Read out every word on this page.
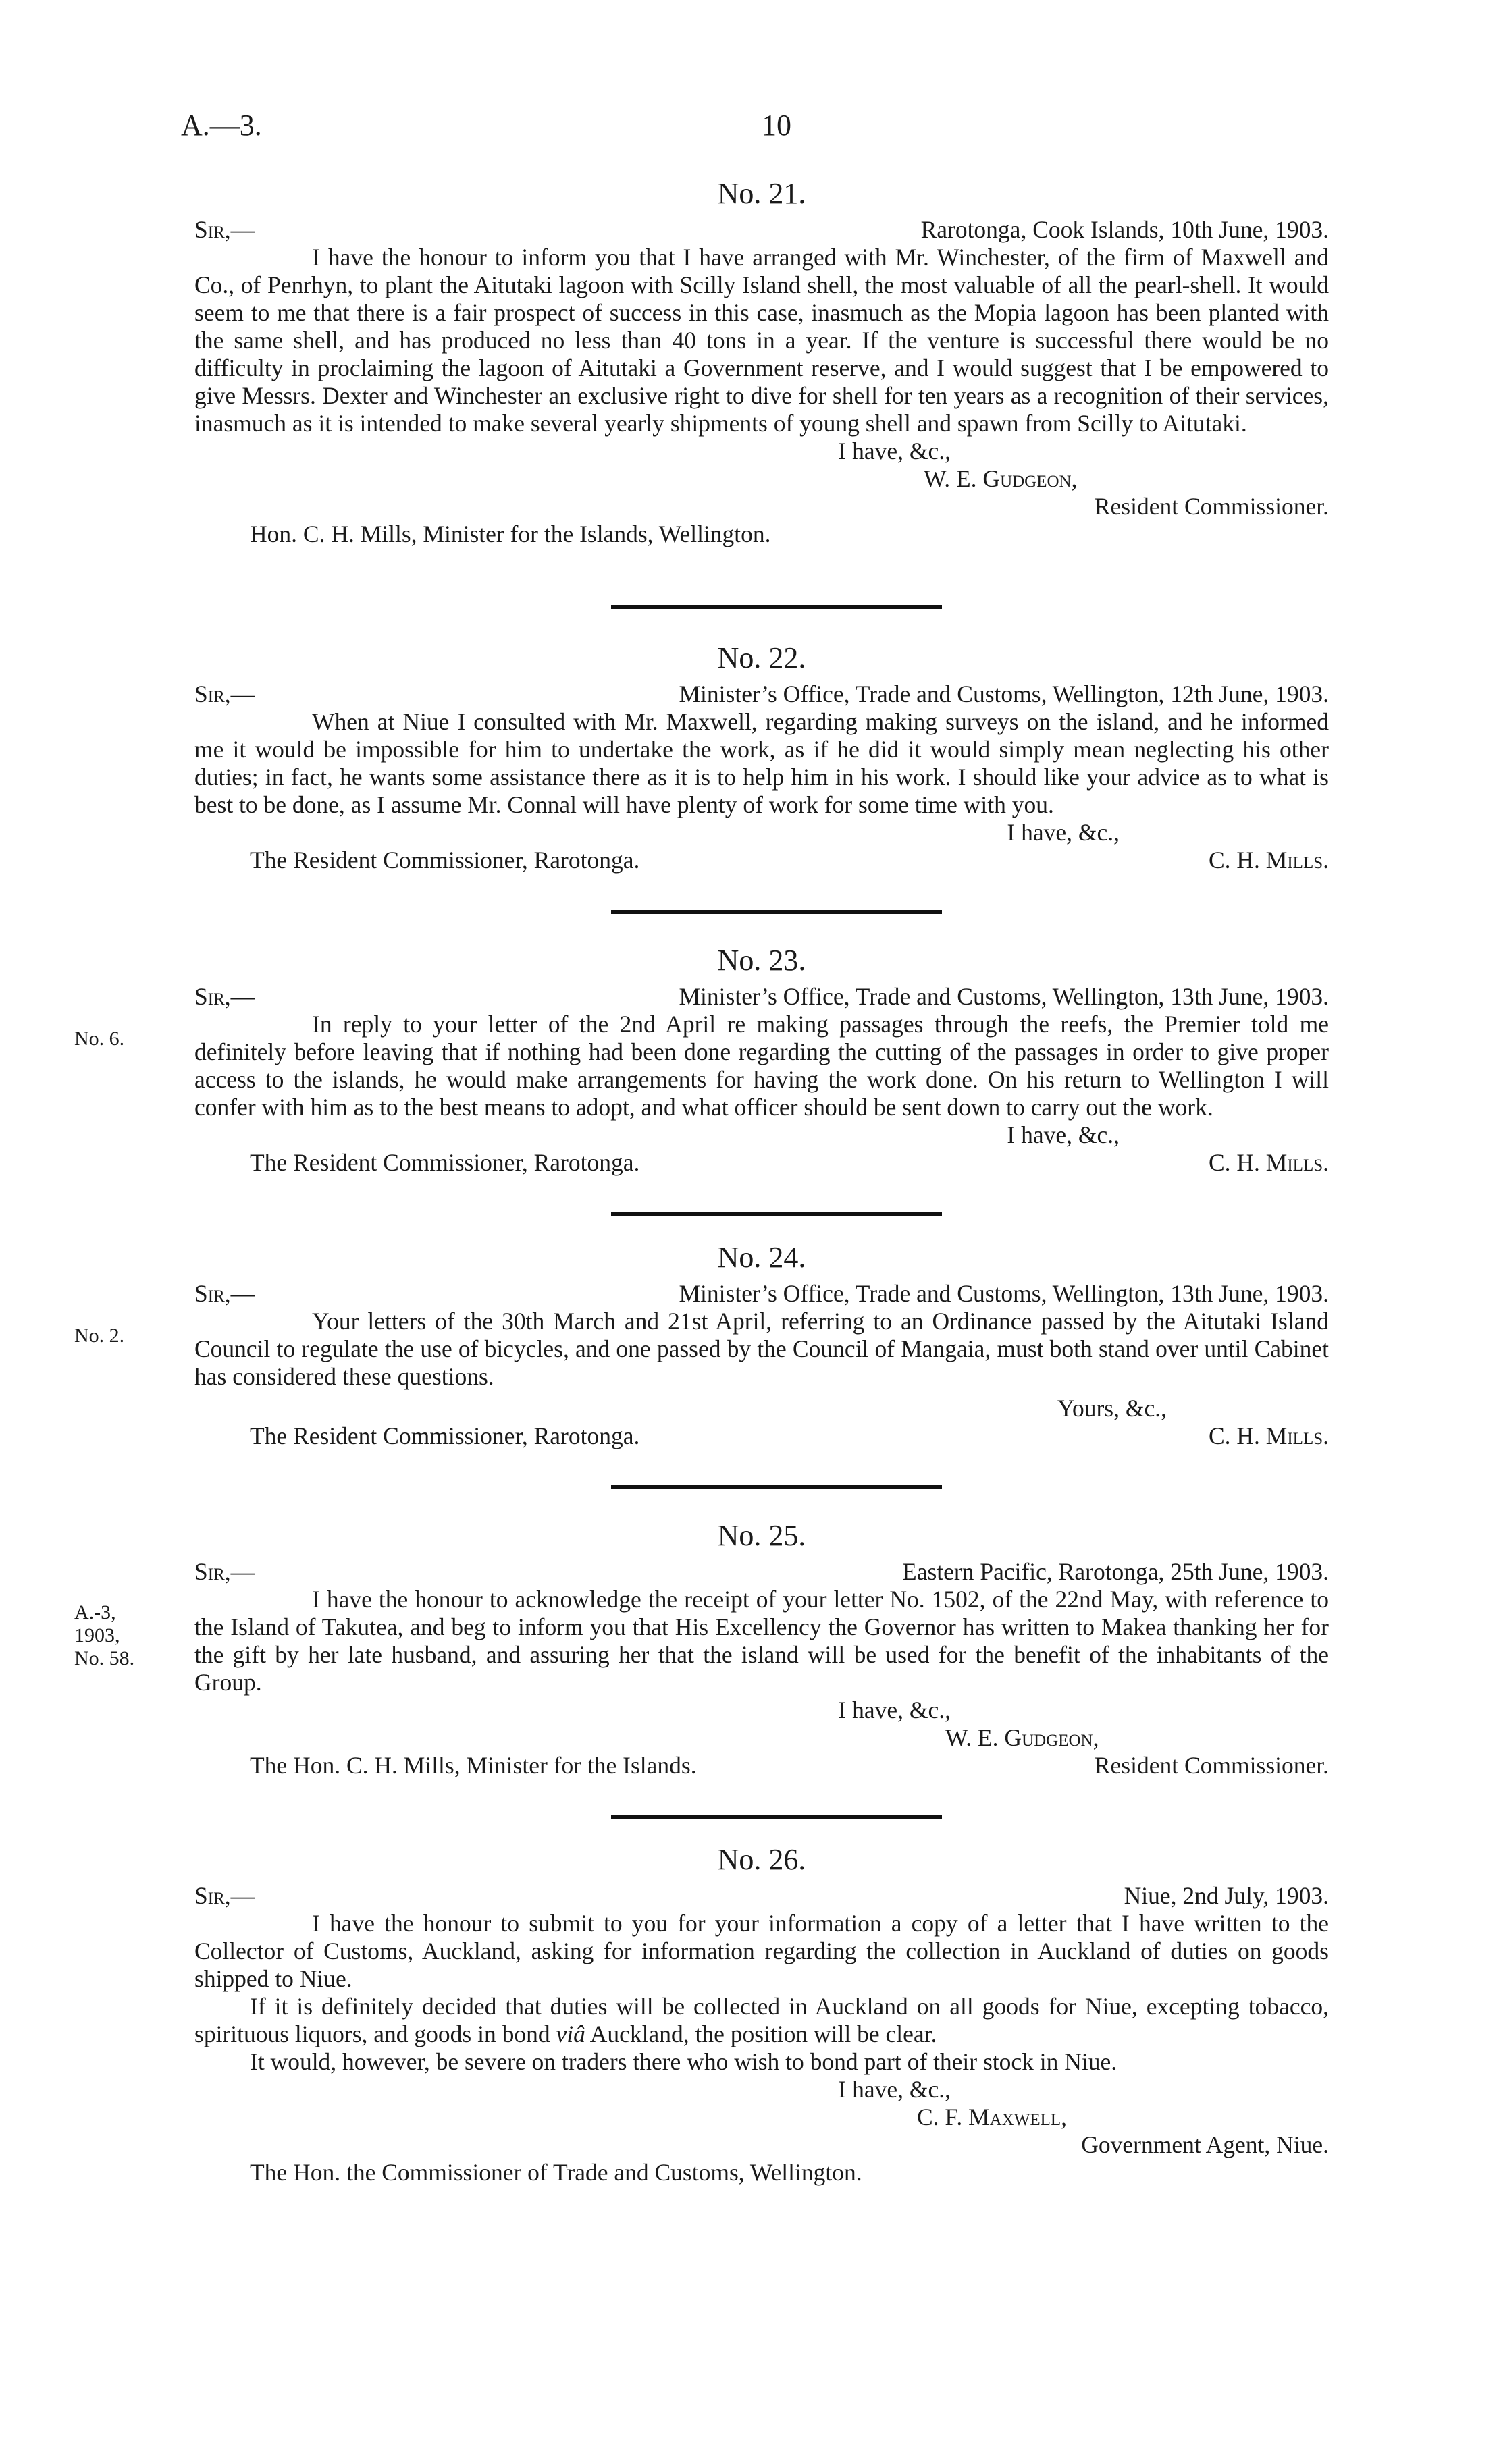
A.—3.	10
No. 21.
Sir,—	Rarotonga, Cook Islands, 10th June, 1903.
I have the honour to inform you that I have arranged with Mr. Winchester, of the firm of Maxwell and Co., of Penrhyn, to plant the Aitutaki lagoon with Scilly Island shell, the most valuable of all the pearl-shell. It would seem to me that there is a fair prospect of success in this case, inasmuch as the Mopia lagoon has been planted with the same shell, and has produced no less than 40 tons in a year. If the venture is successful there would be no difficulty in proclaiming the lagoon of Aitutaki a Government reserve, and I would suggest that I be empowered to give Messrs. Dexter and Winchester an exclusive right to dive for shell for ten years as a recognition of their services, inasmuch as it is intended to make several yearly shipments of young shell and spawn from Scilly to Aitutaki.
I have, &c.,
W. E. Gudgeon,
Resident Commissioner.
Hon. C. H. Mills, Minister for the Islands, Wellington.
No. 22.
Sir,—	Minister’s Office, Trade and Customs, Wellington, 12th June, 1903.
When at Niue I consulted with Mr. Maxwell, regarding making surveys on the island, and he informed me it would be impossible for him to undertake the work, as if he did it would simply mean neglecting his other duties; in fact, he wants some assistance there as it is to help him in his work. I should like your advice as to what is best to be done, as I assume Mr. Connal will have plenty of work for some time with you.
I have, &c.,
The Resident Commissioner, Rarotonga.	C. H. Mills.
No. 23.
Sir,—	Minister’s Office, Trade and Customs, Wellington, 13th June, 1903.
In reply to your letter of the 2nd April re making passages through the reefs, the Premier told me definitely before leaving that if nothing had been done regarding the cutting of the passages in order to give proper access to the islands, he would make arrangements for having the work done. On his return to Wellington I will confer with him as to the best means to adopt, and what officer should be sent down to carry out the work.
I have, &c.,
The Resident Commissioner, Rarotonga.	C. H. Mills.
No. 6.
No. 24.
Sir,—	Minister’s Office, Trade and Customs, Wellington, 13th June, 1903.
Your letters of the 30th March and 21st April, referring to an Ordinance passed by the Aitutaki Island Council to regulate the use of bicycles, and one passed by the Council of Mangaia, must both stand over until Cabinet has considered these questions.
Yours, &c.,
The Resident Commissioner, Rarotonga.	C. H. Mills.
No. 2.
No. 25.
Sir,—	Eastern Pacific, Rarotonga, 25th June, 1903.
I have the honour to acknowledge the receipt of your letter No. 1502, of the 22nd May, with reference to the Island of Takutea, and beg to inform you that His Excellency the Governor has written to Makea thanking her for the gift by her late husband, and assuring her that the island will be used for the benefit of the inhabitants of the Group.
I have, &c.,
W. E. Gudgeon,
The Hon. C. H. Mills, Minister for the Islands.	Resident Commissioner.
A.-3,
1903,
No. 58.
No. 26.
Sir,—	Niue, 2nd July, 1903.
I have the honour to submit to you for your information a copy of a letter that I have written to the Collector of Customs, Auckland, asking for information regarding the collection in Auckland of duties on goods shipped to Niue.
If it is definitely decided that duties will be collected in Auckland on all goods for Niue, excepting tobacco, spirituous liquors, and goods in bond viâ Auckland, the position will be clear.
It would, however, be severe on traders there who wish to bond part of their stock in Niue.
I have, &c.,
C. F. Maxwell,
Government Agent, Niue.
The Hon. the Commissioner of Trade and Customs, Wellington.
